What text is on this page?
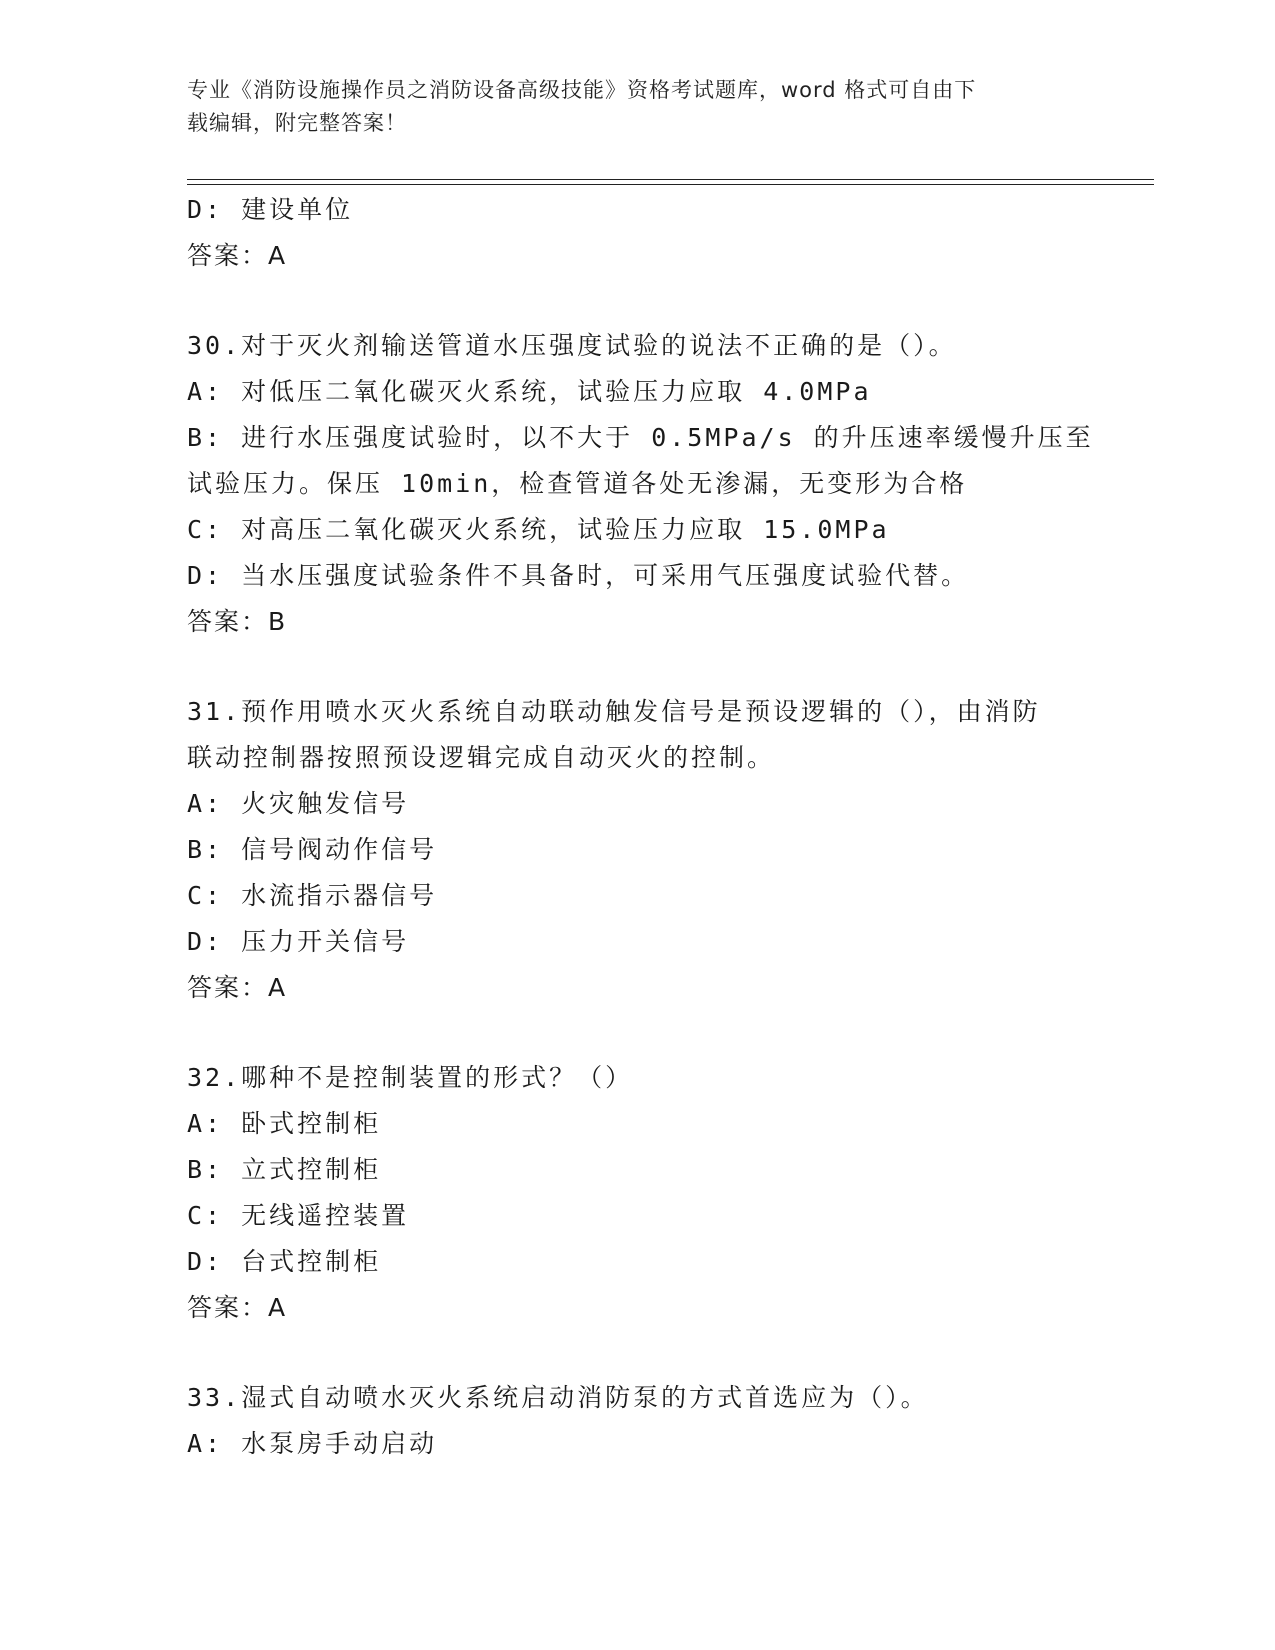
专业《消防设施操作员之消防设备高级技能》资格考试题库，word 格式可自由下
载编辑，附完整答案！
D: 建设单位
答案：A
30.对于灭火剂输送管道水压强度试验的说法不正确的是（）。
A: 对低压二氧化碳灭火系统，试验压力应取 4.0MPa
B: 进行水压强度试验时，以不大于 0.5MPa/s 的升压速率缓慢升压至
试验压力。保压 10min，检查管道各处无渗漏，无变形为合格
C: 对高压二氧化碳灭火系统，试验压力应取 15.0MPa
D: 当水压强度试验条件不具备时，可采用气压强度试验代替。
答案：B
31.预作用喷水灭火系统自动联动触发信号是预设逻辑的（），由消防
联动控制器按照预设逻辑完成自动灭火的控制。
A: 火灾触发信号
B: 信号阀动作信号
C: 水流指示器信号
D: 压力开关信号
答案：A
32.哪种不是控制装置的形式？（）
A: 卧式控制柜
B: 立式控制柜
C: 无线遥控装置
D: 台式控制柜
答案：A
33.湿式自动喷水灭火系统启动消防泵的方式首选应为（）。
A: 水泵房手动启动
